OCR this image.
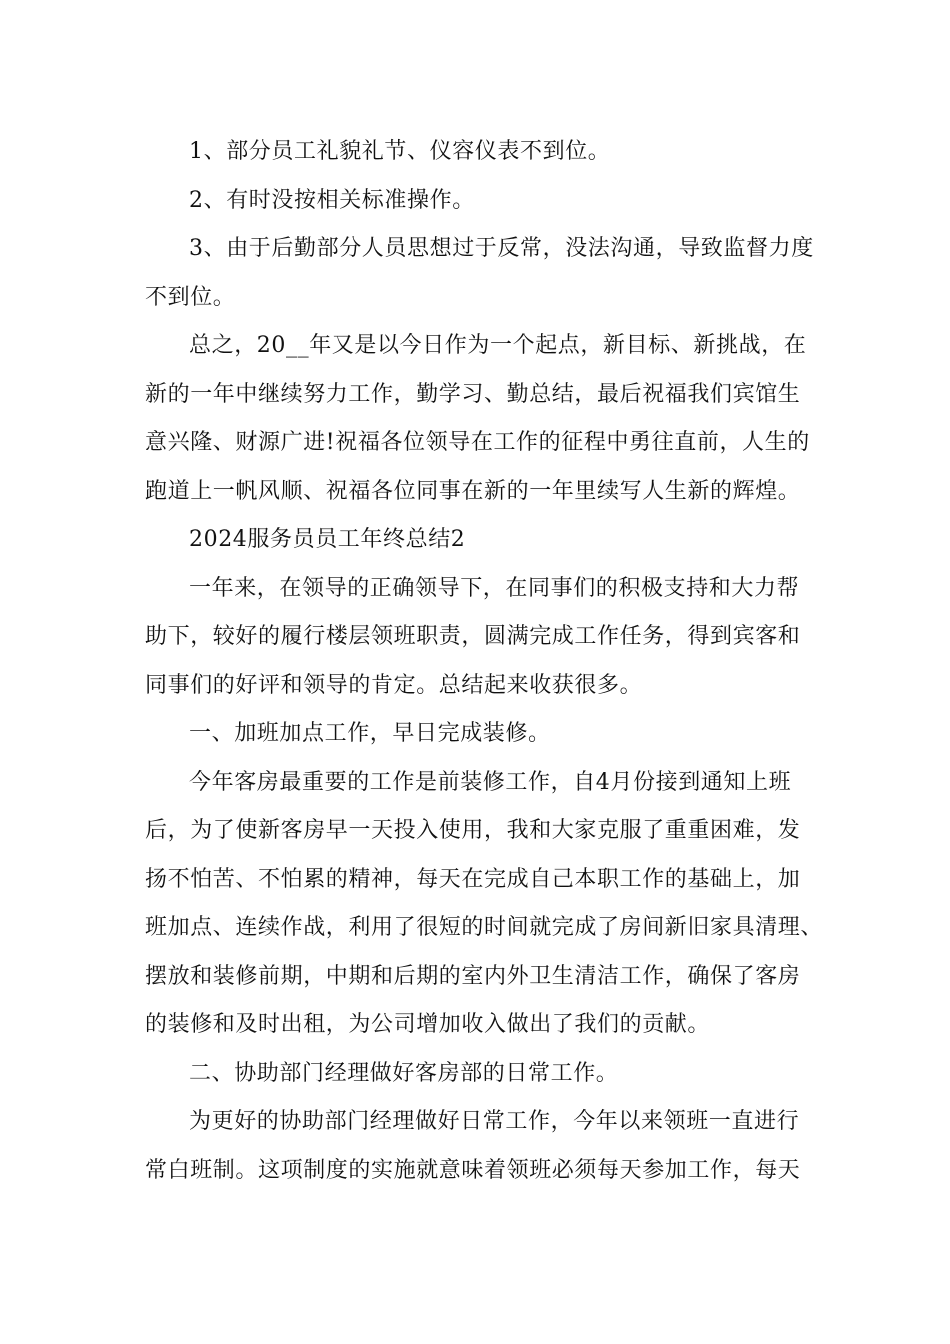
1、部分员工礼貌礼节、仪容仪表不到位。

2、有时没按相关标准操作。

3、由于后勤部分人员思想过于反常，没法沟通，导致监督力度

不到位。

总之，20__年又是以今日作为一个起点，新目标、新挑战，在

新的一年中继续努力工作，勤学习、勤总结，最后祝福我们宾馆生

意兴隆、财源广进!祝福各位领导在工作的征程中勇往直前，人生的

跑道上一帆风顺、祝福各位同事在新的一年里续写人生新的辉煌。

2024服务员员工年终总结2

一年来，在领导的正确领导下，在同事们的积极支持和大力帮

助下，较好的履行楼层领班职责，圆满完成工作任务，得到宾客和

同事们的好评和领导的肯定。总结起来收获很多。

一、加班加点工作，早日完成装修。

今年客房最重要的工作是前装修工作，自4月份接到通知上班

后，为了使新客房早一天投入使用，我和大家克服了重重困难，发

扬不怕苦、不怕累的精神，每天在完成自己本职工作的基础上，加

班加点、连续作战，利用了很短的时间就完成了房间新旧家具清理、

摆放和装修前期，中期和后期的室内外卫生清洁工作，确保了客房

的装修和及时出租，为公司增加收入做出了我们的贡献。

二、协助部门经理做好客房部的日常工作。

为更好的协助部门经理做好日常工作，今年以来领班一直进行

常白班制。这项制度的实施就意味着领班必须每天参加工作，每天
